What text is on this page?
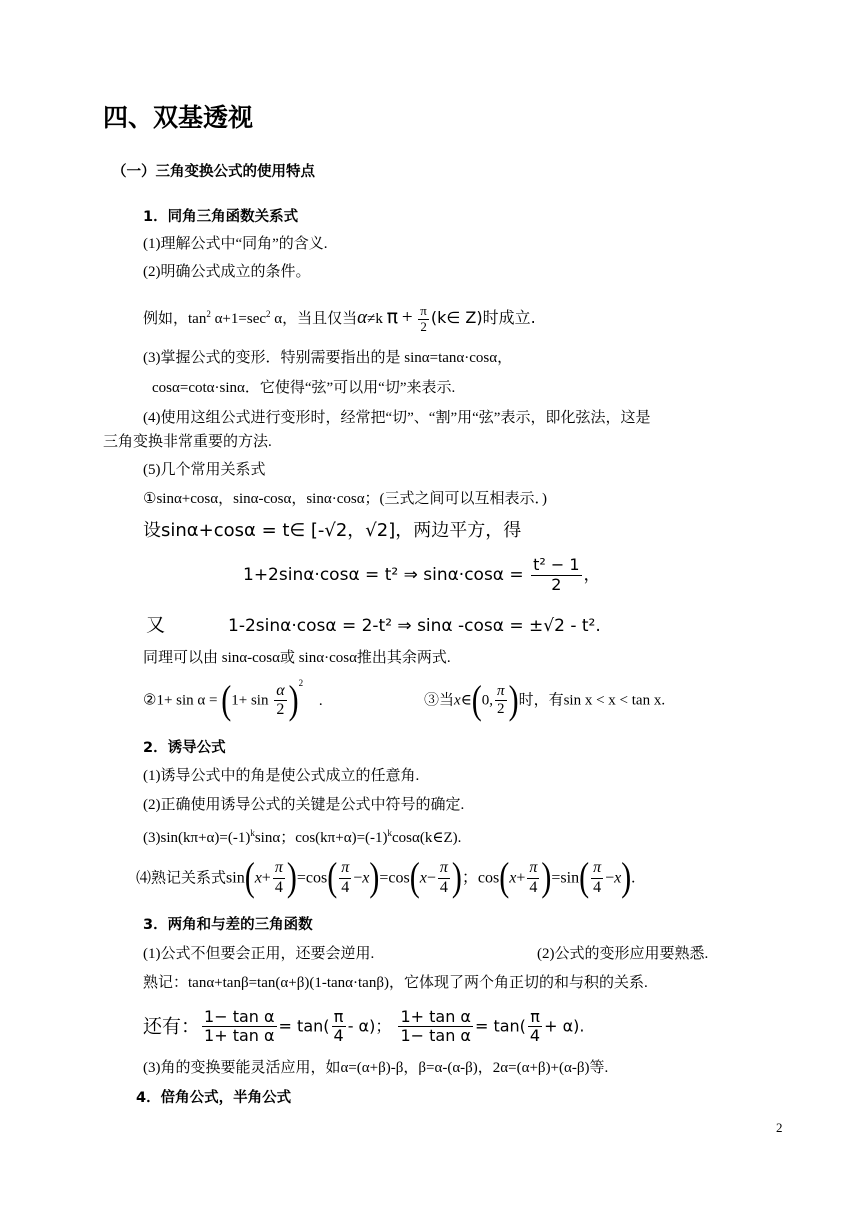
四、双基透视
（一）三角变换公式的使用特点
1．同角三角函数关系式
(1)理解公式中“同角”的含义.
(2)明确公式成立的条件。
例如，$\tan^2 \alpha+1=\sec^2$ α，当且仅当α≠k $\pi + \frac{\pi}{2}$ (k∈ Z)时成立.
(3)掌握公式的变形．特别需要指出的是 sinα=tanα·cosα，
cosα=cotα·sinα．它使得“弦”可以用“切”来表示.
(4)使用这组公式进行变形时，经常把“切”、“割”用“弦”表示，即化弦法，这是
三角变换非常重要的方法.
(5)几个常用关系式
①sinα+cosα，sinα-cosα，sinα·cosα；(三式之间可以互相表示．)
设sinα+cosα = t∈ [-√2，√2]，两边平方，得
1+2sinα·cosα = t² ⇒ $\sin\alpha\cdot\cos\alpha = \frac{\text{t² − 1}}{2}$ ，
又	1-2sinα·cosα = 2-t² ⇒ sinα -cosα = ±√2 - t².
同理可以由 sinα-cosα或 sinα·cosα推出其余两式.
②1+ $\sin \alpha = (1+ \sin \frac{\alpha}{2} )^2$ .	③当x∈(0, $\frac{\pi}{2}$ )时，有sin x < x < tan x.
2．诱导公式
(1)诱导公式中的角是使公式成立的任意角.
(2)正确使用诱导公式的关键是公式中符号的确定.
$(3)\sin(k\pi+\alpha)=(-1)^k\sin\alpha$；$\cos(k\pi+\alpha)=(-1)^k\cos\alpha(k\in Z)$.
⑷熟记关系式$\sin(x+ \frac{\pi}{4} )=\cos( \frac{\pi}{4} -x)=\cos(x- \frac{\pi}{4}$ )；$\cos(x+ \frac{\pi}{4} )=\sin( \frac{\pi}{4} -x)$.
3．两角和与差的三角函数
(1)公式不但要会正用，还要会逆用.	(2)公式的变形应用要熟悉.
熟记：tanα+tanβ=tan(α+β)(1-tanα·tanβ)，它体现了两个角正切的和与积的关系.
还有： $\frac{\text{1− tan α}}{\text{1+ tan α}} = \tan( \frac{\pi}{4} - \alpha)$； $\frac{\text{1+ tan α}}{\text{1− tan α}} = \tan( \frac{\pi}{4} + \alpha)$.
(3)角的变换要能灵活应用，如α=(α+β)-β，β=α-(α-β)，2α=(α+β)+(α-β)等.
4．倍角公式，半角公式
2
